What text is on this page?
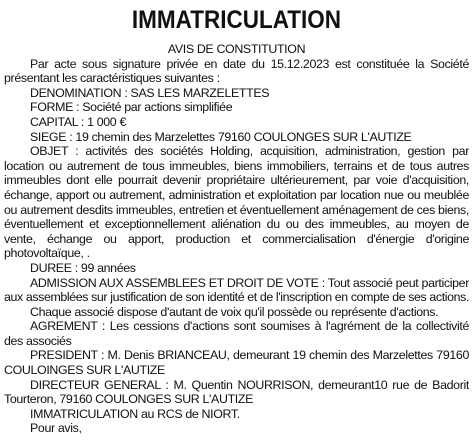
IMMATRICULATION
AVIS DE CONSTITUTION
Par acte sous signature privée en date du 15.12.2023 est constituée la Société
présentant les caractéristiques suivantes :
DENOMINATION : SAS LES MARZELETTES
FORME : Société par actions simplifiée
CAPITAL : 1 000 €
SIEGE : 19 chemin des Marzelettes 79160 COULONGES SUR L'AUTIZE
OBJET : activités des sociétés Holding, acquisition, administration, gestion par
location ou autrement de tous immeubles, biens immobiliers, terrains et de tous autres
immeubles dont elle pourrait devenir propriétaire ultérieurement, par voie d'acquisition,
échange, apport ou autrement, administration et exploitation par location nue ou meublée
ou autrement desdits immeubles, entretien et éventuellement aménagement de ces biens,
éventuellement et exceptionnellement aliénation du ou des immeubles, au moyen de
vente, échange ou apport, production et commercialisation d'énergie d'origine
photovoltaïque, .
DUREE : 99 années
ADMISSION AUX ASSEMBLEES ET DROIT DE VOTE : Tout associé peut participer
aux assemblées sur justification de son identité et de l'inscription en compte de ses actions.
Chaque associé dispose d'autant de voix qu'il possède ou représente d'actions.
AGREMENT : Les cessions d'actions sont soumises à l'agrément de la collectivité
des associés
PRESIDENT : M. Denis BRIANCEAU, demeurant 19 chemin des Marzelettes 79160
COULOINGES SUR L'AUTIZE
DIRECTEUR GENERAL : M. Quentin NOURRISON, demeurant10 rue de Badorit
Tourteron, 79160 COULONGES SUR L'AUTIZE
IMMATRICULATION au RCS de NIORT.
Pour avis,
